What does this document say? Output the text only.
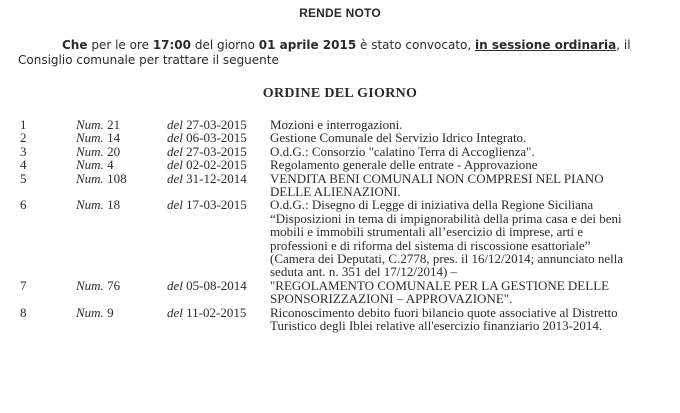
RENDE NOTO
Che per le ore 17:00 del giorno 01 aprile 2015 è stato convocato, in sessione ordinaria, il
Consiglio comunale per trattare il seguente
ORDINE DEL GIORNO
1	Num. 21	del 27-03-2015	Mozioni e interrogazioni.
2	Num. 14	del 06-03-2015	Gestione Comunale del Servizio Idrico Integrato.
3	Num. 20	del 27-03-2015	O.d.G.: Consorzio "calatino Terra di Accoglienza".
4	Num. 4	del 02-02-2015	Regolamento generale delle entrate - Approvazione
5	Num. 108	del 31-12-2014	VENDITA BENI COMUNALI NON COMPRESI NEL PIANO
DELLE ALIENAZIONI.
6	Num. 18	del 17-03-2015	O.d.G.: Disegno di Legge di iniziativa della Regione Siciliana
“Disposizioni in tema di impignorabilità della prima casa e dei beni
mobili e immobili strumentali all’esercizio di imprese, arti e
professioni e di riforma del sistema di riscossione esattoriale”
(Camera dei Deputati, C.2778, pres. il 16/12/2014; annunciato nella
seduta ant. n. 351 del 17/12/2014) –
7	Num. 76	del 05-08-2014	"REGOLAMENTO COMUNALE PER LA GESTIONE DELLE
SPONSORIZZAZIONI – APPROVAZIONE".
8	Num. 9	del 11-02-2015	Riconoscimento debito fuori bilancio quote associative al Distretto
Turistico degli Iblei relative all'esercizio finanziario 2013-2014.
